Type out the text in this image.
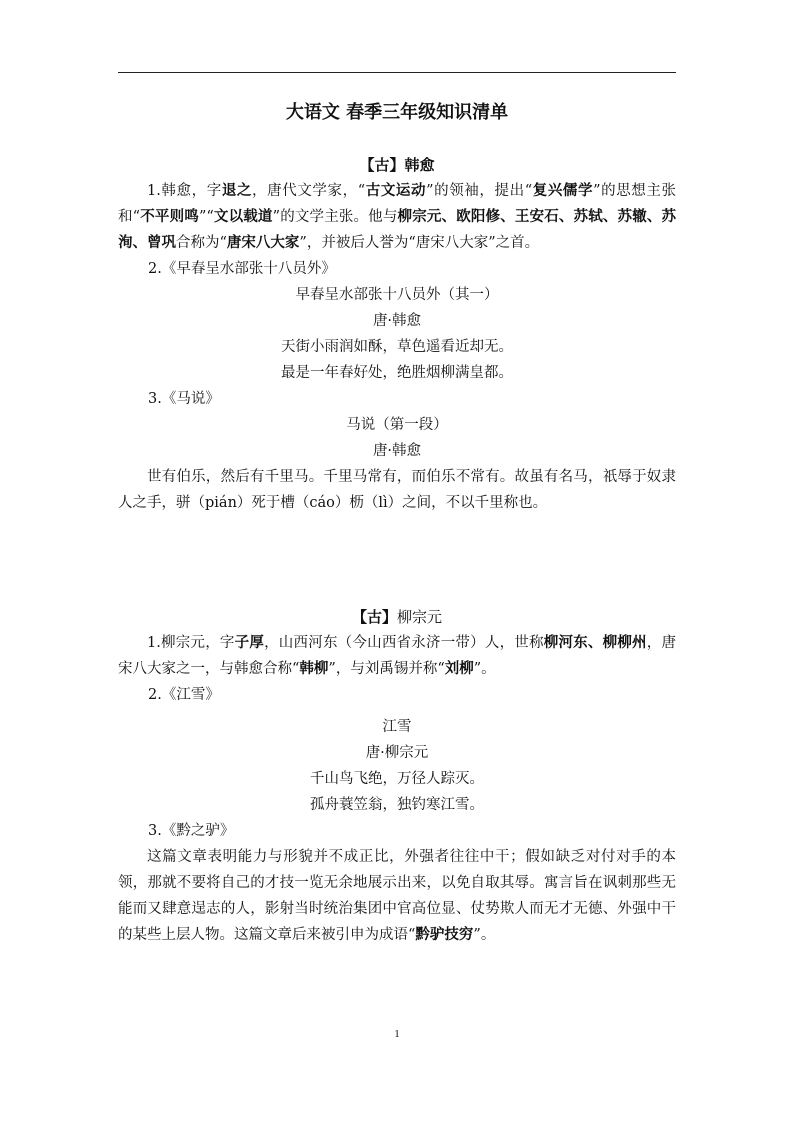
大语文 春季三年级知识清单
【古】韩愈

1.韩愈，字退之，唐代文学家，“古文运动”的领袖，提出“复兴儒学”的思想主张和“不平则鸣”“文以载道”的文学主张。他与柳宗元、欧阳修、王安石、苏轼、苏辙、苏洵、曾巩合称为“唐宋八大家”，并被后人誉为“唐宋八大家”之首。

2.《早春呈水部张十八员外》

早春呈水部张十八员外（其一）

唐·韩愈

天街小雨润如酥，草色遥看近却无。

最是一年春好处，绝胜烟柳满皇都。

3.《马说》

马说（第一段）

唐·韩愈

世有伯乐，然后有千里马。千里马常有，而伯乐不常有。故虽有名马，祇辱于奴隶人之手，骈（pián）死于槽（cáo）枥（lì）之间，不以千里称也。

【古】柳宗元

1.柳宗元，字子厚，山西河东（今山西省永济一带）人，世称柳河东、柳柳州，唐宋八大家之一，与韩愈合称“韩柳”，与刘禹锡并称“刘柳”。

2.《江雪》

江雪

唐·柳宗元

千山鸟飞绝，万径人踪灭。

孤舟蓑笠翁，独钓寒江雪。

3.《黔之驴》

这篇文章表明能力与形貌并不成正比，外强者往往中干；假如缺乏对付对手的本领，那就不要将自己的才技一览无余地展示出来，以免自取其辱。寓言旨在讽刺那些无能而又肆意逞志的人，影射当时统治集团中官高位显、仗势欺人而无才无德、外强中干的某些上层人物。这篇文章后来被引申为成语“黔驴技穷”。

1
